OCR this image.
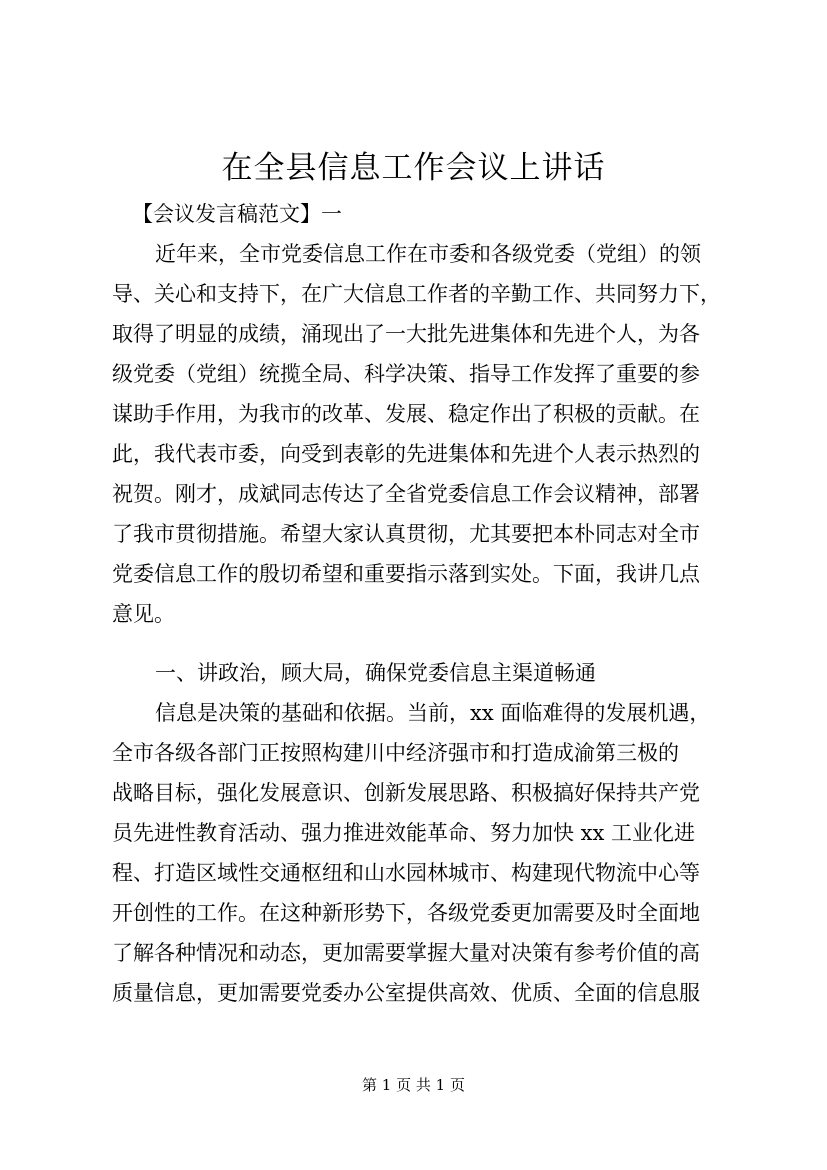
在全县信息工作会议上讲话
【会议发言稿范文】一
近年来，全市党委信息工作在市委和各级党委（党组）的领
导、关心和支持下，在广大信息工作者的辛勤工作、共同努力下，
取得了明显的成绩，涌现出了一大批先进集体和先进个人，为各
级党委（党组）统揽全局、科学决策、指导工作发挥了重要的参
谋助手作用，为我市的改革、发展、稳定作出了积极的贡献。在
此，我代表市委，向受到表彰的先进集体和先进个人表示热烈的
祝贺。刚才，成斌同志传达了全省党委信息工作会议精神，部署
了我市贯彻措施。希望大家认真贯彻，尤其要把本朴同志对全市
党委信息工作的殷切希望和重要指示落到实处。下面，我讲几点
意见。
一、讲政治，顾大局，确保党委信息主渠道畅通
信息是决策的基础和依据。当前，xx 面临难得的发展机遇，
全市各级各部门正按照构建川中经济强市和打造成渝第三极的
战略目标，强化发展意识、创新发展思路、积极搞好保持共产党
员先进性教育活动、强力推进效能革命、努力加快 xx 工业化进
程、打造区域性交通枢纽和山水园林城市、构建现代物流中心等
开创性的工作。在这种新形势下，各级党委更加需要及时全面地
了解各种情况和动态，更加需要掌握大量对决策有参考价值的高
质量信息，更加需要党委办公室提供高效、优质、全面的信息服
第 1 页 共 1 页
